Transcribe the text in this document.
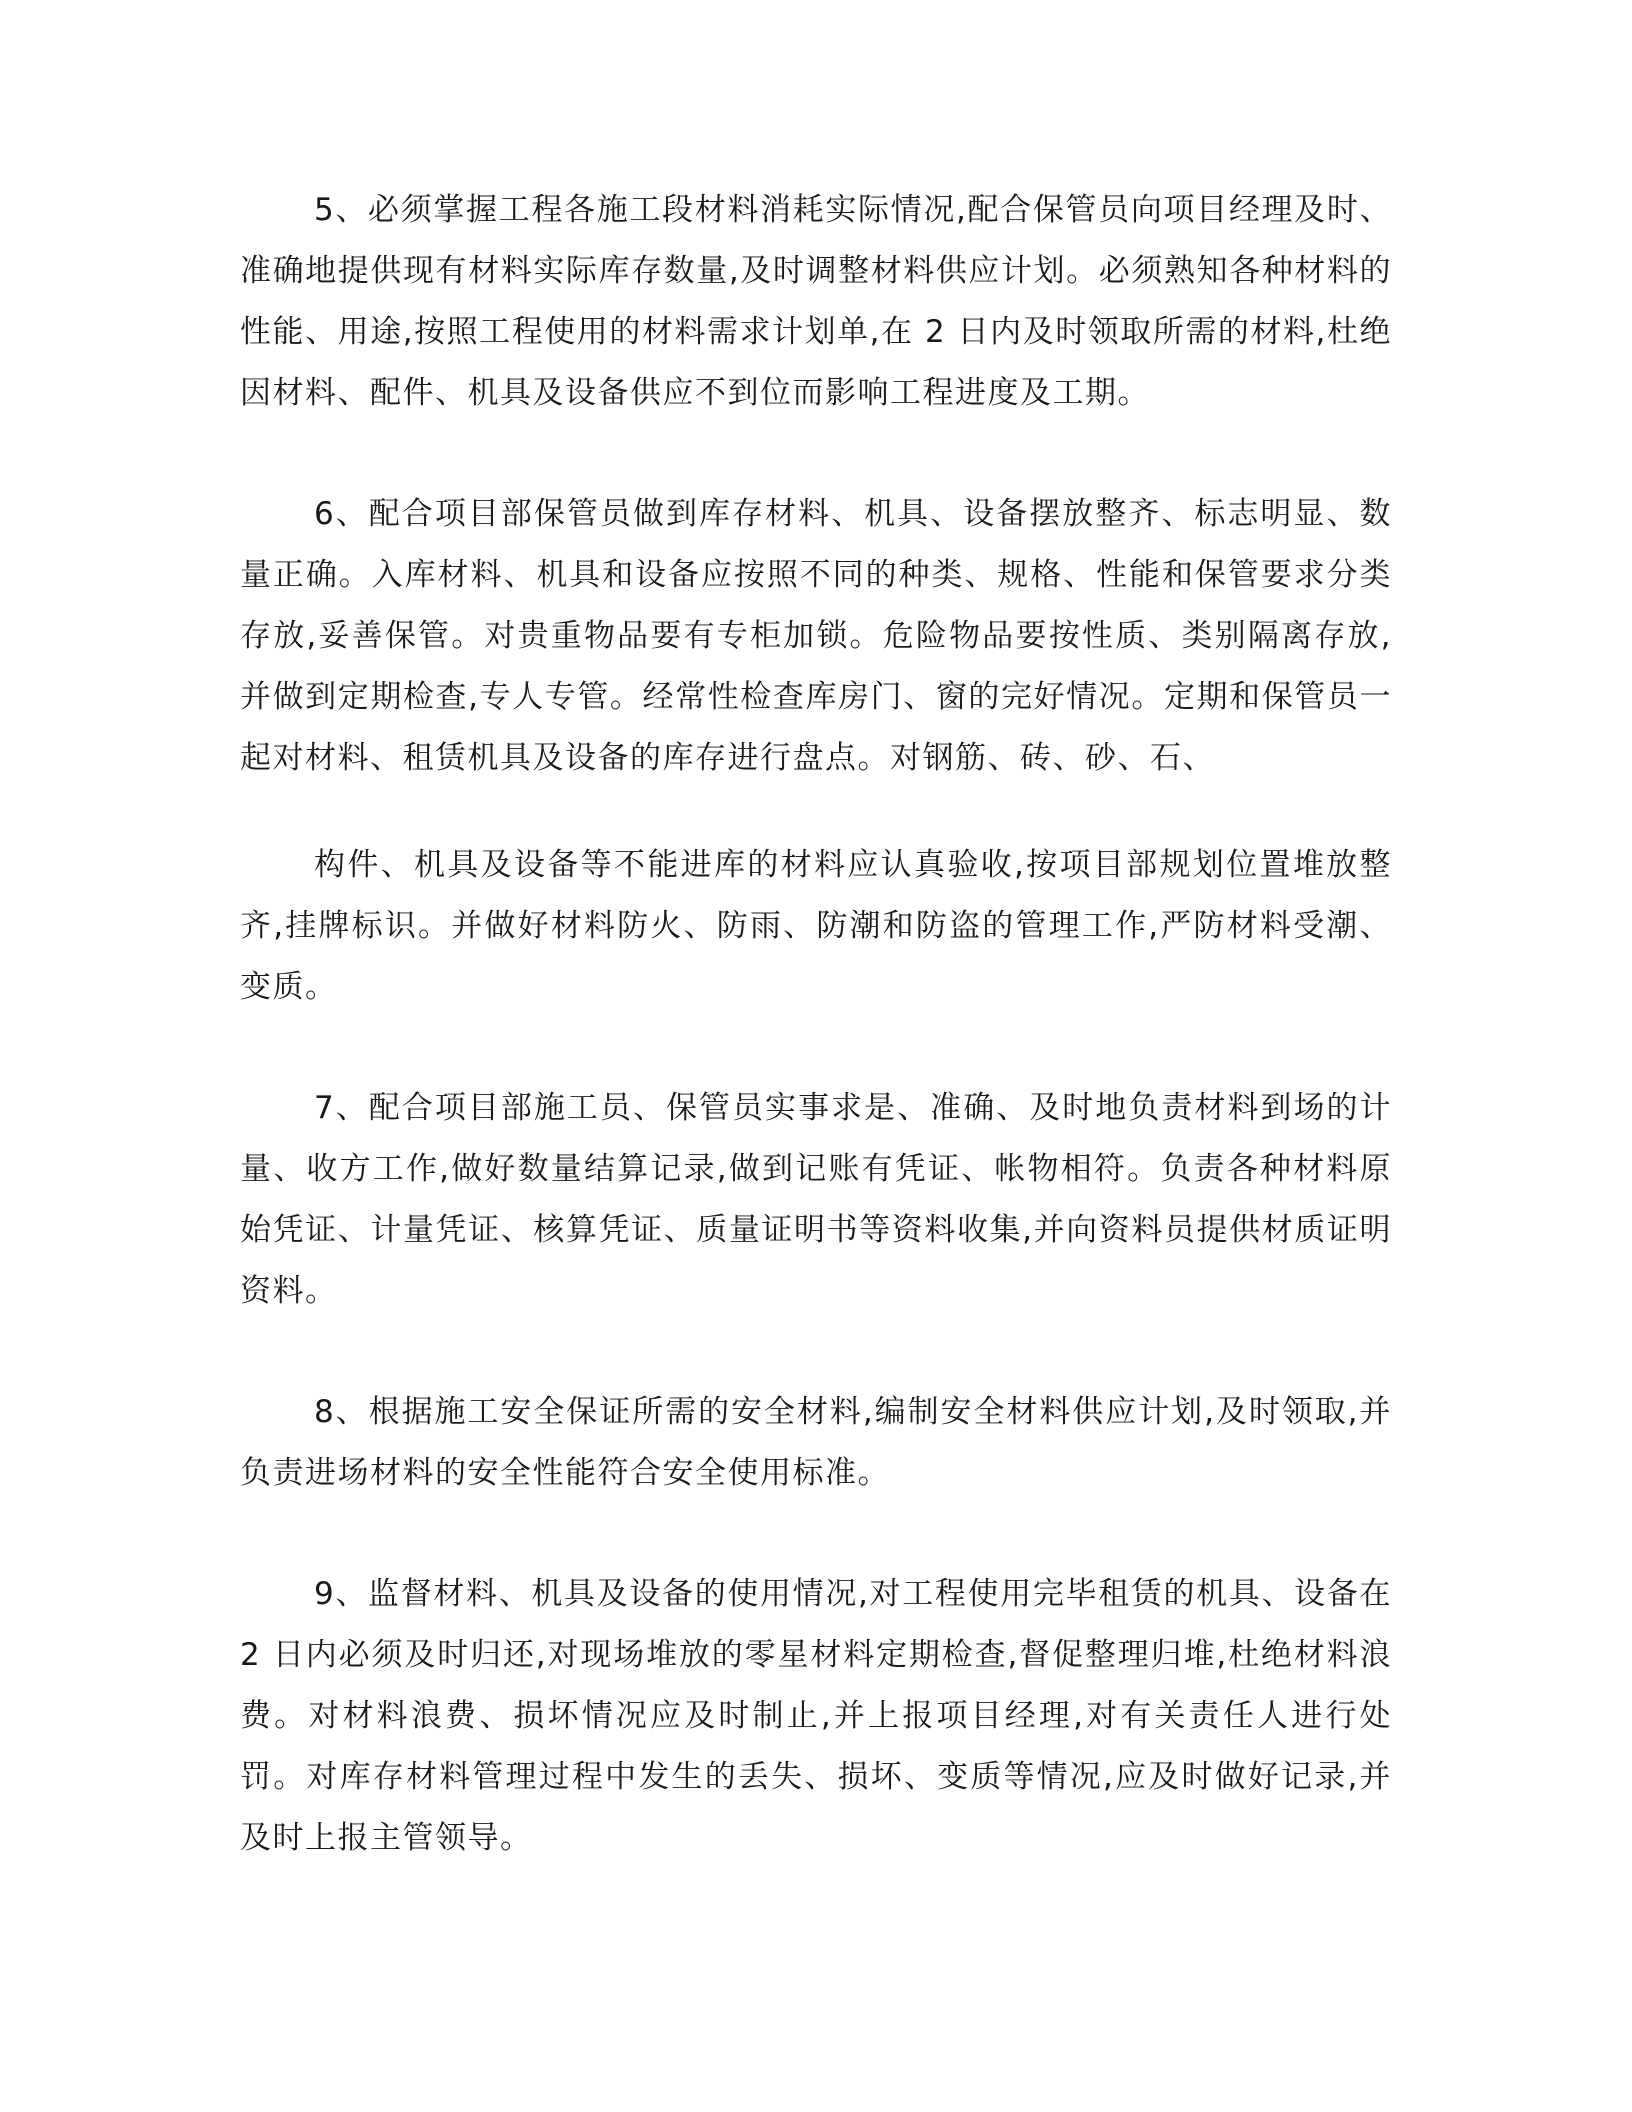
5、必须掌握工程各施工段材料消耗实际情况,配合保管员向项目经理及时、准确地提供现有材料实际库存数量,及时调整材料供应计划。必须熟知各种材料的性能、用途,按照工程使用的材料需求计划单,在 2 日内及时领取所需的材料,杜绝因材料、配件、机具及设备供应不到位而影响工程进度及工期。

6、配合项目部保管员做到库存材料、机具、设备摆放整齐、标志明显、数量正确。入库材料、机具和设备应按照不同的种类、规格、性能和保管要求分类存放,妥善保管。对贵重物品要有专柜加锁。危险物品要按性质、类别隔离存放,并做到定期检查,专人专管。经常性检查库房门、窗的完好情况。定期和保管员一起对材料、租赁机具及设备的库存进行盘点。对钢筋、砖、砂、石、

构件、机具及设备等不能进库的材料应认真验收,按项目部规划位置堆放整齐,挂牌标识。并做好材料防火、防雨、防潮和防盗的管理工作,严防材料受潮、变质。

7、配合项目部施工员、保管员实事求是、准确、及时地负责材料到场的计量、收方工作,做好数量结算记录,做到记账有凭证、帐物相符。负责各种材料原始凭证、计量凭证、核算凭证、质量证明书等资料收集,并向资料员提供材质证明资料。

8、根据施工安全保证所需的安全材料,编制安全材料供应计划,及时领取,并负责进场材料的安全性能符合安全使用标准。

9、监督材料、机具及设备的使用情况,对工程使用完毕租赁的机具、设备在2 日内必须及时归还,对现场堆放的零星材料定期检查,督促整理归堆,杜绝材料浪费。对材料浪费、损坏情况应及时制止,并上报项目经理,对有关责任人进行处罚。对库存材料管理过程中发生的丢失、损坏、变质等情况,应及时做好记录,并及时上报主管领导。
